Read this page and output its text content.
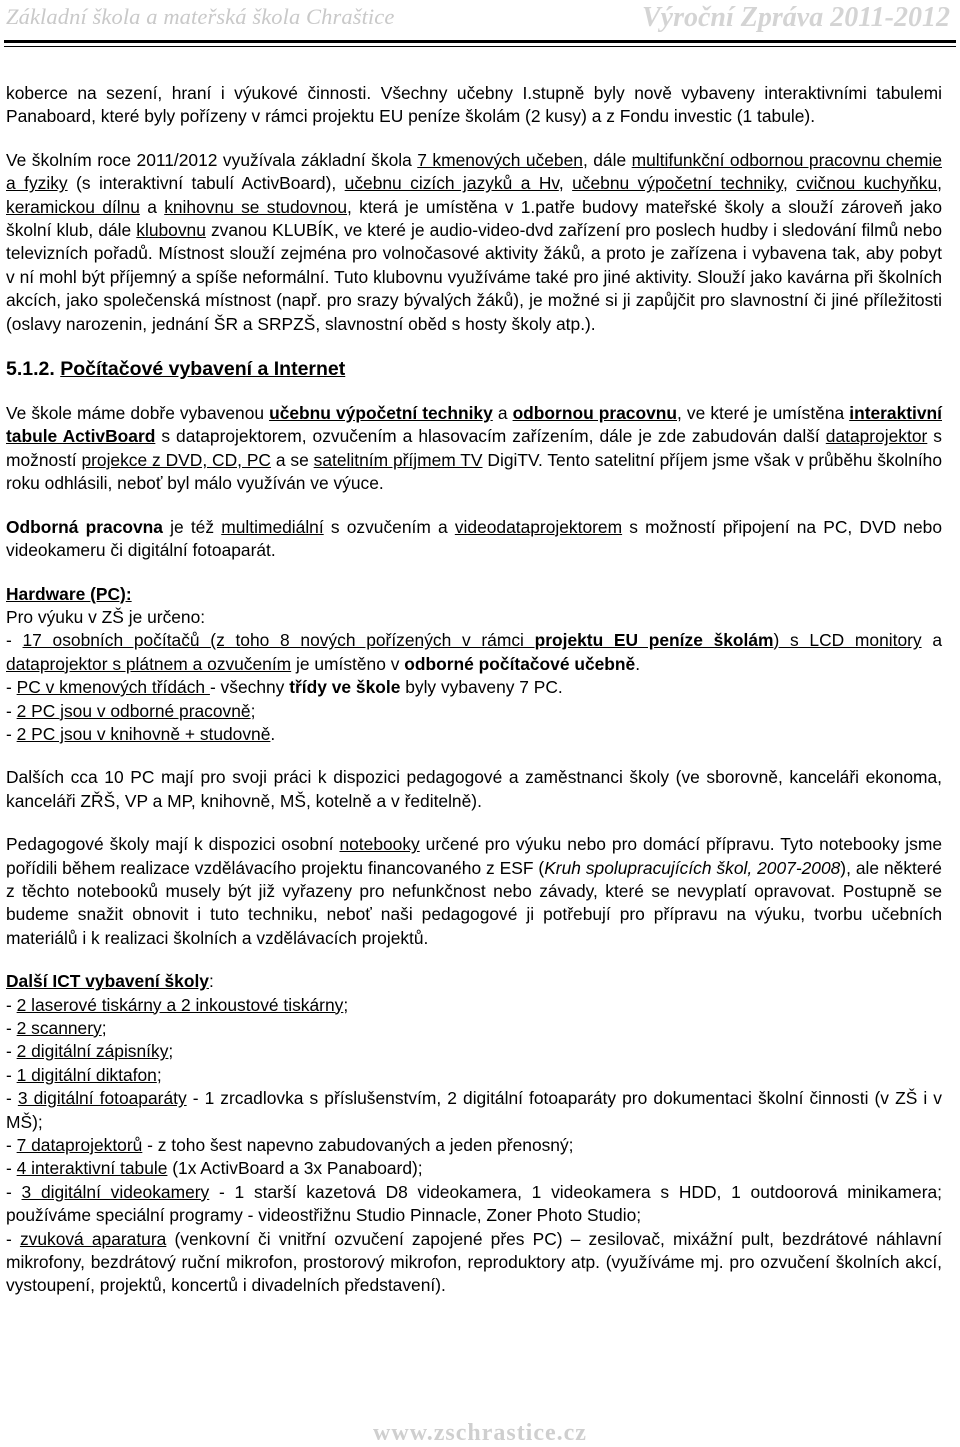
Základní škola a mateřská škola Chraštice	Výroční Zpráva 2011-2012

koberce na sezení, hraní i výukové činnosti. Všechny učebny I.stupně byly nově vybaveny interaktivními tabulemi Panaboard, které byly pořízeny v rámci projektu EU peníze školám (2 kusy) a z Fondu investic (1 tabule).

Ve školním roce 2011/2012 využívala základní škola 7 kmenových učeben, dále multifunkční odbornou pracovnu chemie a fyziky (s interaktivní tabulí ActivBoard), učebnu cizích jazyků a Hv, učebnu výpočetní techniky, cvičnou kuchyňku, keramickou dílnu a knihovnu se studovnou, která je umístěna v 1.patře budovy mateřské školy a slouží zároveň jako školní klub, dále klubovnu zvanou KLUBÍK, ve které je audio-video-dvd zařízení pro poslech hudby i sledování filmů nebo televizních pořadů. Místnost slouží zejména pro volnočasové aktivity žáků, a proto je zařízena i vybavena tak, aby pobyt v ní mohl být příjemný a spíše neformální. Tuto klubovnu využíváme také pro jiné aktivity. Slouží jako kavárna při školních akcích, jako společenská místnost (např. pro srazy bývalých žáků), je možné si ji zapůjčit pro slavnostní či jiné příležitosti (oslavy narozenin, jednání ŠR a SRPZŠ, slavnostní oběd s hosty školy atp.).

5.1.2. Počítačové vybavení a Internet

Ve škole máme dobře vybavenou učebnu výpočetní techniky a odbornou pracovnu, ve které je umístěna interaktivní tabule ActivBoard s dataprojektorem, ozvučením a hlasovacím zařízením, dále je zde zabudován další dataprojektor s možností projekce z DVD, CD, PC a se satelitním příjmem TV DigiTV. Tento satelitní příjem jsme však v průběhu školního roku odhlásili, neboť byl málo využíván ve výuce.

Odborná pracovna je též multimediální s ozvučením a videodataprojektorem s možností připojení na PC, DVD nebo videokameru či digitální fotoaparát.

Hardware (PC):

Pro výuku v ZŠ je určeno:

- 17 osobních počítačů (z toho 8 nových pořízených v rámci projektu EU peníze školám) s LCD monitory a dataprojektor s plátnem a ozvučením je umístěno v odborné počítačové učebně.

- PC v kmenových třídách - všechny třídy ve škole byly vybaveny 7 PC.

- 2 PC jsou v odborné pracovně;

- 2 PC jsou v knihovně + studovně.

Dalších cca 10 PC mají pro svoji práci k dispozici pedagogové a zaměstnanci školy (ve sborovně, kanceláři ekonoma, kanceláři ZŘŠ, VP a MP, knihovně, MŠ, kotelně a v ředitelně).

Pedagogové školy mají k dispozici osobní notebooky určené pro výuku nebo pro domácí přípravu. Tyto notebooky jsme pořídili během realizace vzdělávacího projektu financovaného z ESF (Kruh spolupracujících škol, 2007-2008), ale některé z těchto notebooků musely být již vyřazeny pro nefunkčnost nebo závady, které se nevyplatí opravovat. Postupně se budeme snažit obnovit i tuto techniku, neboť naši pedagogové ji potřebují pro přípravu na výuku, tvorbu učebních materiálů i k realizaci školních a vzdělávacích projektů.

Další ICT vybavení školy:

- 2 laserové tiskárny a 2 inkoustové tiskárny;

- 2 scannery;

- 2 digitální zápisníky;

- 1 digitální diktafon;

- 3 digitální fotoaparáty - 1 zrcadlovka s příslušenstvím, 2 digitální fotoaparáty pro dokumentaci školní činnosti (v ZŠ i v MŠ);

- 7 dataprojektorů - z toho šest napevno zabudovaných a jeden přenosný;

- 4 interaktivní tabule (1x ActivBoard a 3x Panaboard);

- 3 digitální videokamery - 1 starší kazetová D8 videokamera, 1 videokamera s HDD, 1 outdoorová minikamera; používáme speciální programy - videostřižnu Studio Pinnacle, Zoner Photo Studio;

- zvuková aparatura (venkovní či vnitřní ozvučení zapojené přes PC) – zesilovač, mixážní pult, bezdrátové náhlavní mikrofony, bezdrátový ruční mikrofon, prostorový mikrofon, reproduktory atp. (využíváme mj. pro ozvučení školních akcí, vystoupení, projektů, koncertů i divadelních představení).

www.zschrastice.cz
